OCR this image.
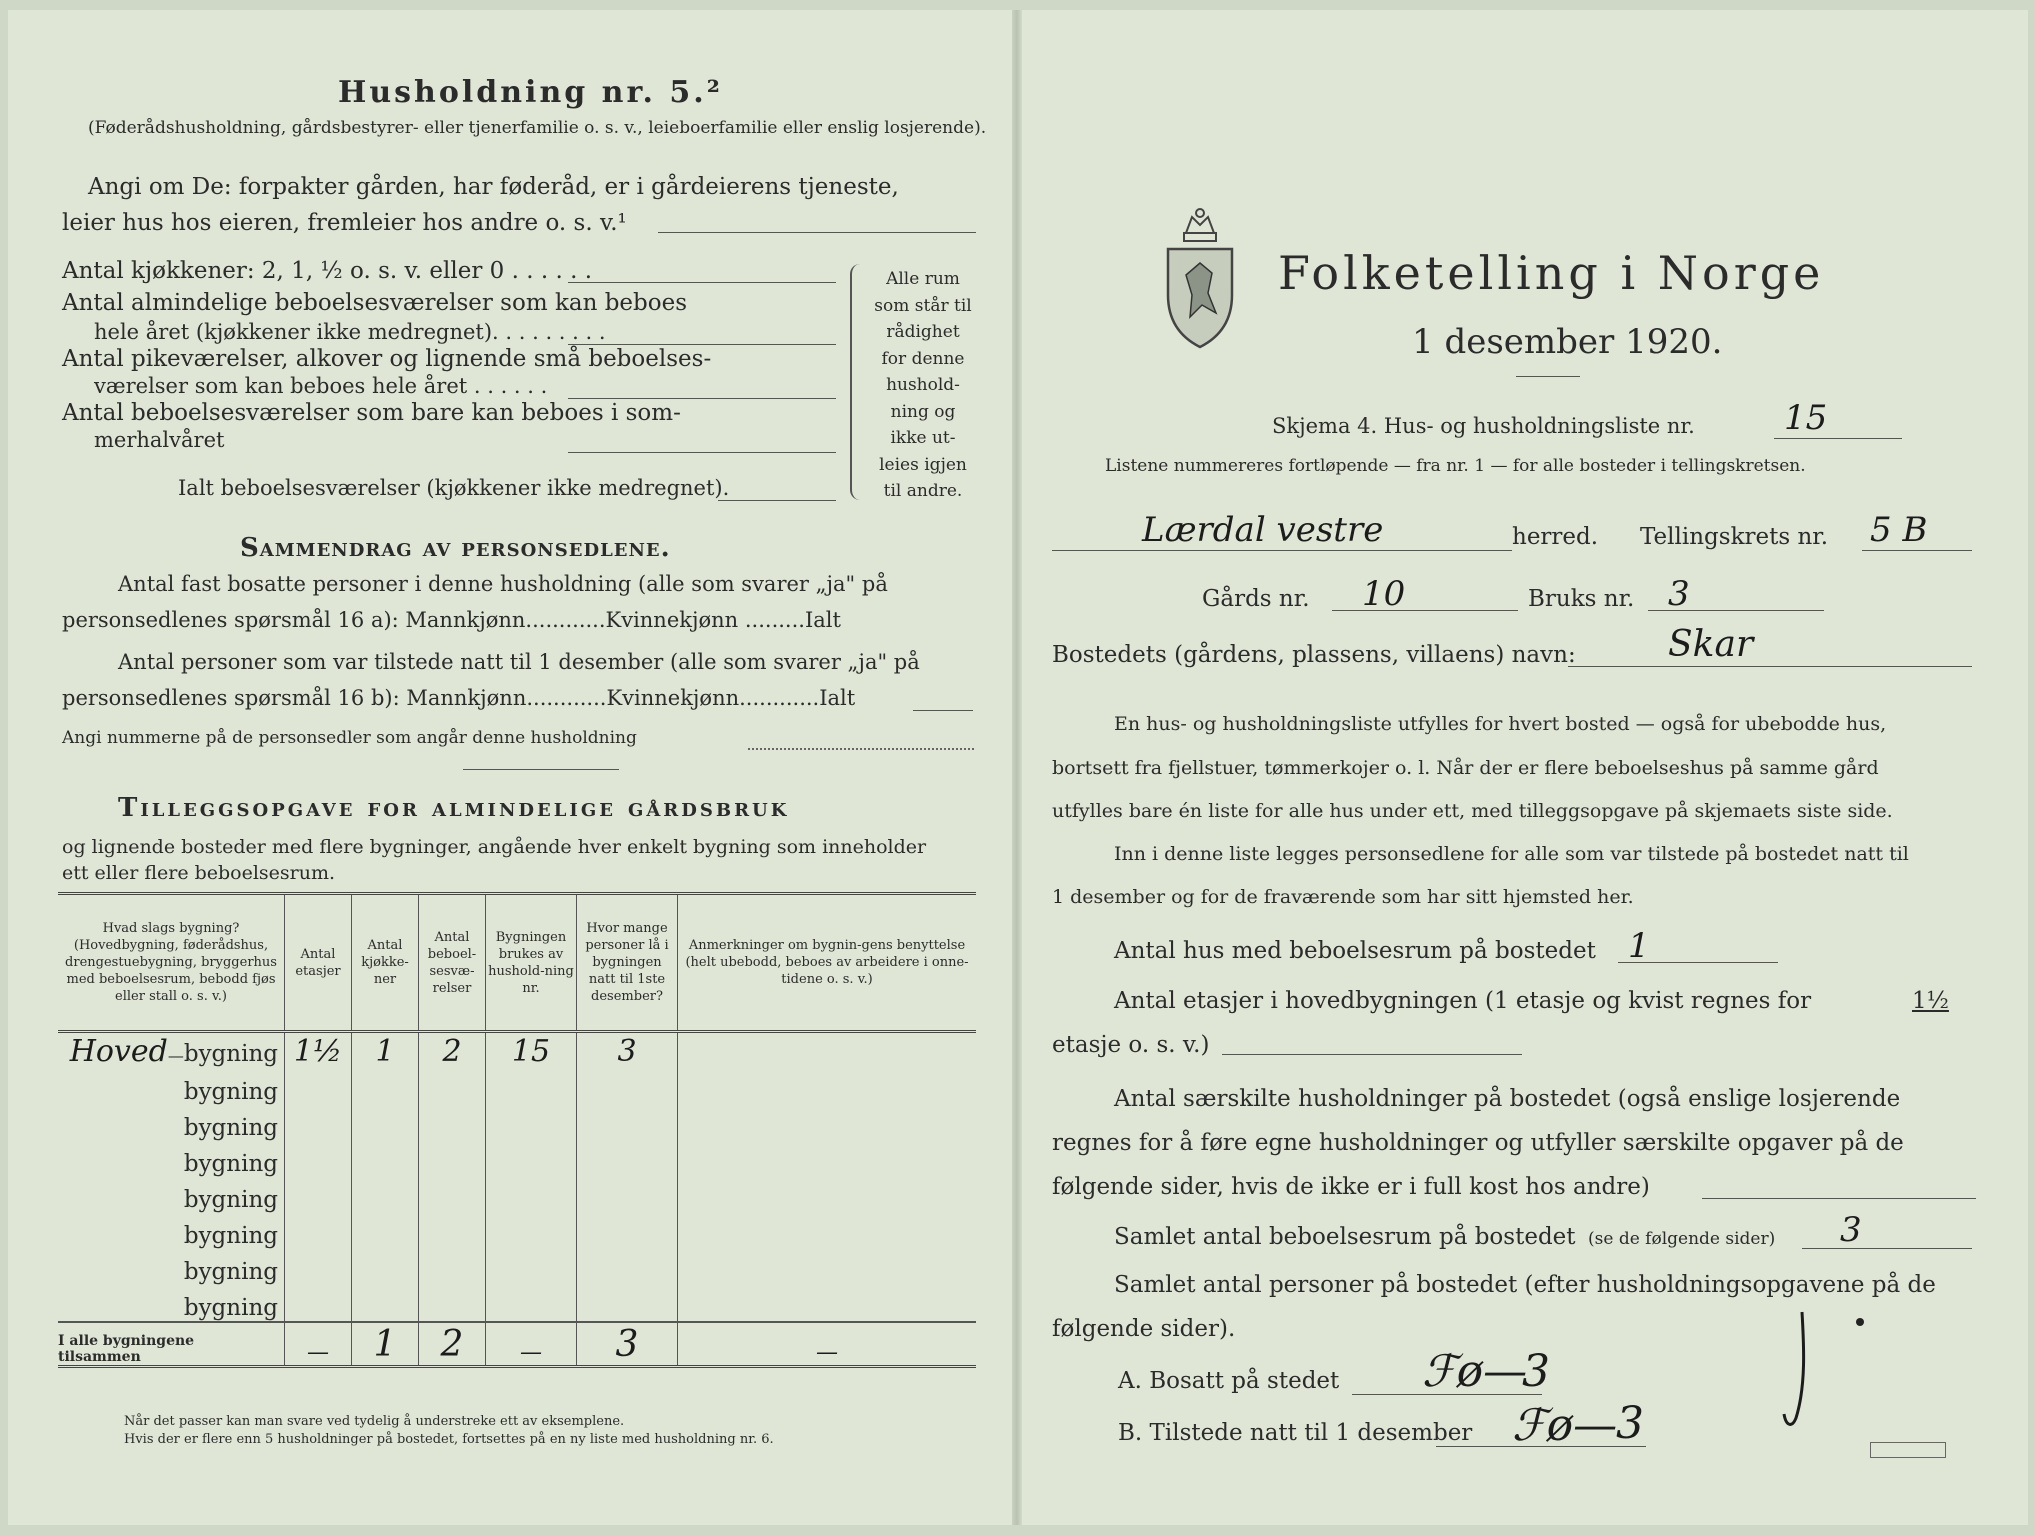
Husholdning nr. 5.²
(Føderådshusholdning, gårdsbestyrer- eller tjenerfamilie o. s. v., leieboerfamilie eller enslig losjerende).
Angi om De: forpakter gården, har føderåd, er i gårdeierens tjeneste,
leier hus hos eieren, fremleier hos andre o. s. v.¹
Antal kjøkkener: 2, 1, ½ o. s. v. eller 0 . . . . . .
Antal almindelige beboelsesværelser som kan beboes
hele året (kjøkkener ikke medregnet). . . . . . . . .
Antal pikeværelser, alkover og lignende små beboelses-
værelser som kan beboes hele året . . . . . .
Antal beboelsesværelser som bare kan beboes i som-
merhalvåret
Ialt beboelsesværelser (kjøkkener ikke medregnet).
Alle rum
som står til
rådighet
for denne
hushold-
ning og
ikke ut-
leies igjen
til andre.
Sammendrag av personsedlene.
Antal fast bosatte personer i denne husholdning (alle som svarer „ja" på
personsedlenes spørsmål 16 a): Mannkjønn............Kvinnekjønn .........Ialt
Antal personer som var tilstede natt til 1 desember (alle som svarer „ja" på
personsedlenes spørsmål 16 b): Mannkjønn............Kvinnekjønn............Ialt
Angi nummerne på de personsedler som angår denne husholdning
Tilleggsopgave for almindelige gårdsbruk
og lignende bosteder med flere bygninger, angående hver enkelt bygning som inneholder
ett eller flere beboelsesrum.
Hvad slags bygning? (Hovedbygning, føderådshus, drengestuebygning, bryggerhus med beboelsesrum, bebodd fjøs eller stall o. s. v.)	Antal etasjer	Antal kjøkke-ner	Antal beboel-sesvæ-relser	Bygningen brukes av hushold-ning nr.	Hvor mange personer lå i bygningen natt til 1ste desember?	Anmerkninger om bygnin-gens benyttelse (helt ubebodd, beboes av arbeidere i onne-tidene o. s. v.)
Hoved—bygning	1½	1	2	15	3	
bygning						
bygning						
bygning						
bygning						
bygning						
bygning						
bygning						
I alle bygningene tilsammen	—	1	2	—	3	—
Når det passer kan man svare ved tydelig å understreke ett av eksemplene.
Hvis der er flere enn 5 husholdninger på bostedet, fortsettes på en ny liste med husholdning nr. 6.
Folketelling i Norge
1 desember 1920.
Skjema 4. Hus- og husholdningsliste nr.	15
Listene nummereres fortløpende — fra nr. 1 — for alle bosteder i tellingskretsen.
Lærdal vestre	herred. Tellingskrets nr. 5 B
Gårds nr. 10	Bruks nr. 3
Bostedets (gårdens, plassens, villaens) navn:	Skar
En hus- og husholdningsliste utfylles for hvert bosted — også for ubebodde hus,
bortsett fra fjellstuer, tømmerkojer o. l. Når der er flere beboelseshus på samme gård
utfylles bare én liste for alle hus under ett, med tilleggsopgave på skjemaets siste side.
Inn i denne liste legges personsedlene for alle som var tilstede på bostedet natt til
1 desember og for de fraværende som har sitt hjemsted her.
Antal hus med beboelsesrum på bostedet 1
Antal etasjer i hovedbygningen (1 etasje og kvist regnes for	1½
etasje o. s. v.)
Antal særskilte husholdninger på bostedet (også enslige losjerende
regnes for å føre egne husholdninger og utfyller særskilte opgaver på de
følgende sider, hvis de ikke er i full kost hos andre)
Samlet antal beboelsesrum på bostedet (se de følgende sider) 3
Samlet antal personer på bostedet (efter husholdningsopgavene på de
følgende sider).
A. Bosatt på stedet ℱø—
3
B. Tilstede natt til 1 desember ℱø—
3
